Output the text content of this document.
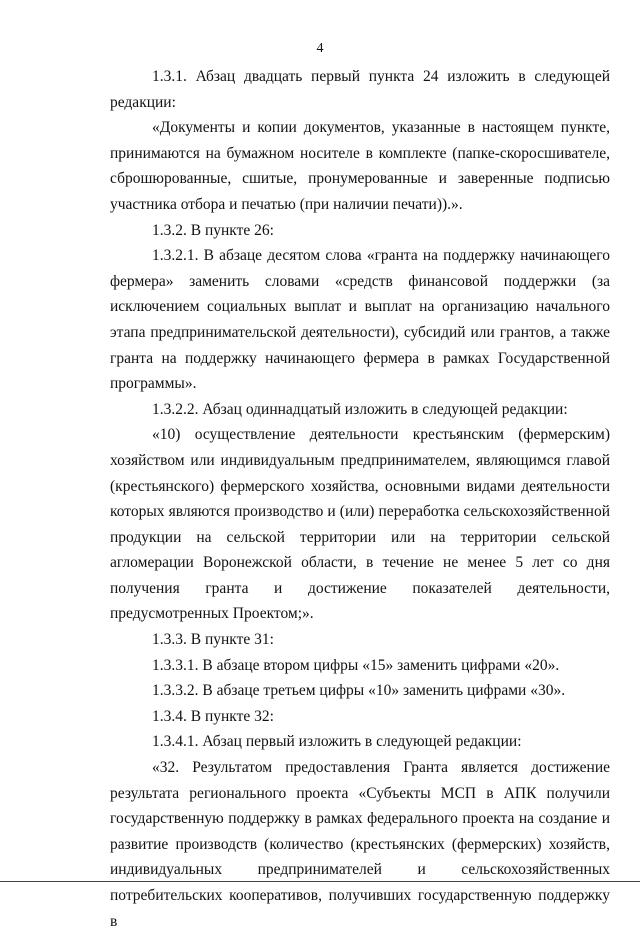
4

1.3.1. Абзац двадцать первый пункта 24 изложить в следующей редакции:

«Документы и копии документов, указанные в настоящем пункте, принимаются на бумажном носителе в комплекте (папке-скоросшивателе, сброшюрованные, сшитые, пронумерованные и заверенные подписью участника отбора и печатью (при наличии печати)).».

1.3.2. В пункте 26:

1.3.2.1. В абзаце десятом слова «гранта на поддержку начинающего фермера» заменить словами «средств финансовой поддержки (за исключением социальных выплат и выплат на организацию начального этапа предпринимательской деятельности), субсидий или грантов, а также гранта на поддержку начинающего фермера в рамках Государственной программы».

1.3.2.2. Абзац одиннадцатый изложить в следующей редакции:

«10) осуществление деятельности крестьянским (фермерским) хозяйством или индивидуальным предпринимателем, являющимся главой (крестьянского) фермерского хозяйства, основными видами деятельности которых являются производство и (или) переработка сельскохозяйственной продукции на сельской территории или на территории сельской агломерации Воронежской области, в течение не менее 5 лет со дня получения гранта и достижение показателей деятельности, предусмотренных Проектом;».

1.3.3. В пункте 31:

1.3.3.1. В абзаце втором цифры «15» заменить цифрами «20».

1.3.3.2. В абзаце третьем цифры «10» заменить цифрами «30».

1.3.4. В пункте 32:

1.3.4.1. Абзац первый изложить в следующей редакции:

«32. Результатом предоставления Гранта является достижение результата регионального проекта «Субъекты МСП в АПК получили государственную поддержку в рамках федерального проекта на создание и развитие производств (количество (крестьянских (фермерских) хозяйств, индивидуальных предпринимателей и сельскохозяйственных потребительских кооперативов, получивших государственную поддержку в
